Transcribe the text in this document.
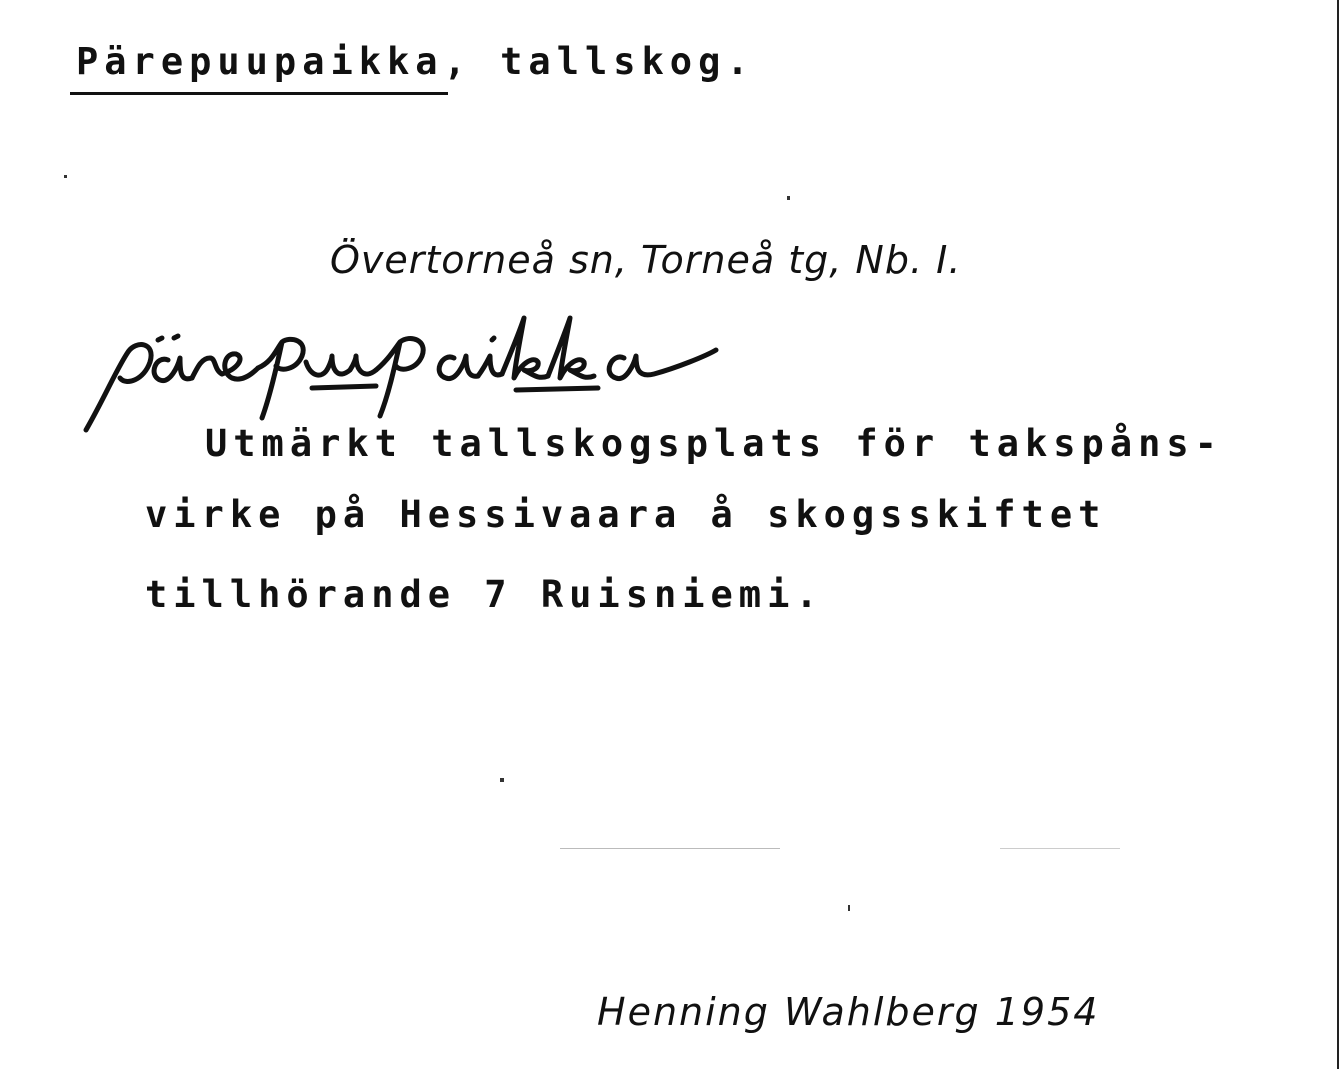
Pärepuupaikka
, tallskog.
Övertorneå sn, Torneå tg, Nb. I.
Utmärkt tallskogsplats för takspåns-
virke på Hessivaara å skogsskiftet
tillhörande 7 Ruisniemi.
Henning Wahlberg 1954
